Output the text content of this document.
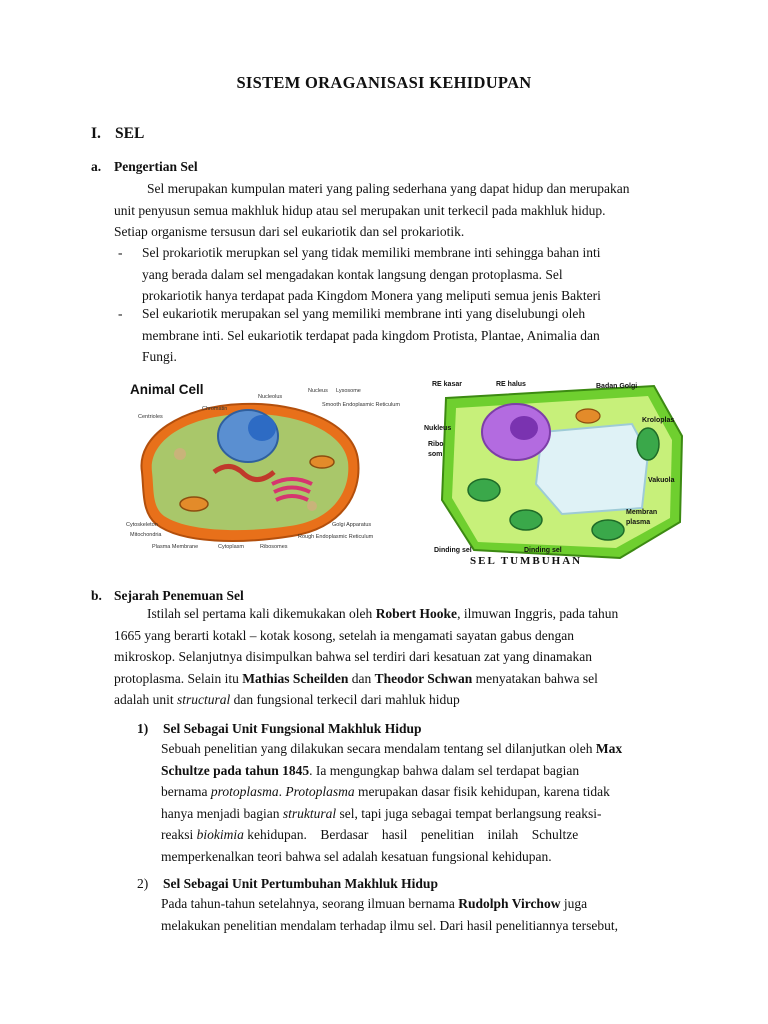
SISTEM ORAGANISASI KEHIDUPAN
I. SEL
a. Pengertian Sel
Sel merupakan kumpulan materi yang paling sederhana yang dapat hidup dan merupakan
unit penyusun semua makhluk hidup atau sel merupakan unit terkecil pada makhluk hidup.
Setiap organisme tersusun dari sel eukariotik dan sel prokariotik.
- Sel prokariotik merupkan sel yang tidak memiliki membrane inti sehingga bahan inti
yang berada dalam sel mengadakan kontak langsung dengan protoplasma. Sel
prokariotik hanya terdapat pada Kingdom Monera yang meliputi semua jenis Bakteri
- Sel eukariotik merupakan sel yang memiliki membrane inti yang diselubungi oleh
membrane inti. Sel eukariotik terdapat pada kingdom Protista, Plantae, Animalia dan
Fungi.
Animal Cell	Nucleolus
Nucleus Lysosome
Chromatin
Smooth Endoplasmic Reticulum
Centrioles
Golgi Apparatus
Cytoskeleton
Mitochondria	Rough Endoplasmic Reticulum
Plasma Membrane	Cytoplasm	Ribosomes
RE kasar	RE halus	Badan Golgi
Nukleus
Kroloplas
Ribo
som
Vakuola
Membran
plasma
Dinding sel	Dinding sel
SEL TUMBUHAN
b. Sejarah Penemuan Sel
Istilah sel pertama kali dikemukakan oleh Robert Hooke, ilmuwan Inggris, pada tahun
1665 yang berarti kotakl – kotak kosong, setelah ia mengamati sayatan gabus dengan
mikroskop. Selanjutnya disimpulkan bahwa sel terdiri dari kesatuan zat yang dinamakan
protoplasma. Selain itu Mathias Scheilden dan Theodor Schwan menyatakan bahwa sel
adalah unit structural dan fungsional terkecil dari mahluk hidup
1) Sel Sebagai Unit Fungsional Makhluk Hidup
Sebuah penelitian yang dilakukan secara mendalam tentang sel dilanjutkan oleh Max
Schultze pada tahun 1845. Ia mengungkap bahwa dalam sel terdapat bagian
bernama protoplasma. Protoplasma merupakan dasar fisik kehidupan, karena tidak
hanya menjadi bagian struktural sel, tapi juga sebagai tempat berlangsung reaksi-
reaksi biokimia kehidupan.    Berdasar    hasil    penelitian    inilah    Schultze
memperkenalkan teori bahwa sel adalah kesatuan fungsional kehidupan.
2) Sel Sebagai Unit Pertumbuhan Makhluk Hidup
Pada tahun-tahun setelahnya, seorang ilmuan bernama Rudolph Virchow juga
melakukan penelitian mendalam terhadap ilmu sel. Dari hasil penelitiannya tersebut,
